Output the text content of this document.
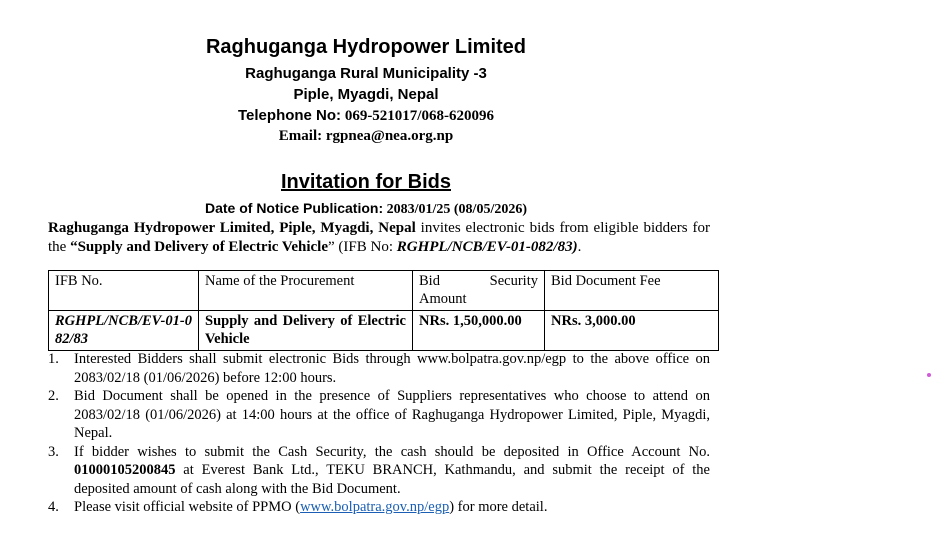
Raghuganga Hydropower Limited
Raghuganga Rural Municipality -3
Piple, Myagdi, Nepal
Telephone No: 069-521017/068-620096
Email: rgpnea@nea.org.np
Invitation for Bids
Date of Notice Publication: 2083/01/25 (08/05/2026)
Raghuganga Hydropower Limited, Piple, Myagdi, Nepal invites electronic bids from eligible bidders for the “Supply and Delivery of Electric Vehicle” (IFB No: RGHPL/NCB/EV-01-082/83).
IFB No.	Name of the Procurement	Bid Security Amount	Bid Document Fee
RGHPL/NCB/EV-01-082/83	Supply and Delivery of Electric Vehicle	NRs. 1,50,000.00	NRs. 3,000.00
1. Interested Bidders shall submit electronic Bids through www.bolpatra.gov.np/egp to the above office on 2083/02/18 (01/06/2026) before 12:00 hours.
2. Bid Document shall be opened in the presence of Suppliers representatives who choose to attend on 2083/02/18 (01/06/2026) at 14:00 hours at the office of Raghuganga Hydropower Limited, Piple, Myagdi, Nepal.
3. If bidder wishes to submit the Cash Security, the cash should be deposited in Office Account No. 01000105200845 at Everest Bank Ltd., TEKU BRANCH, Kathmandu, and submit the receipt of the deposited amount of cash along with the Bid Document.
4. Please visit official website of PPMO (www.bolpatra.gov.np/egp) for more detail.
